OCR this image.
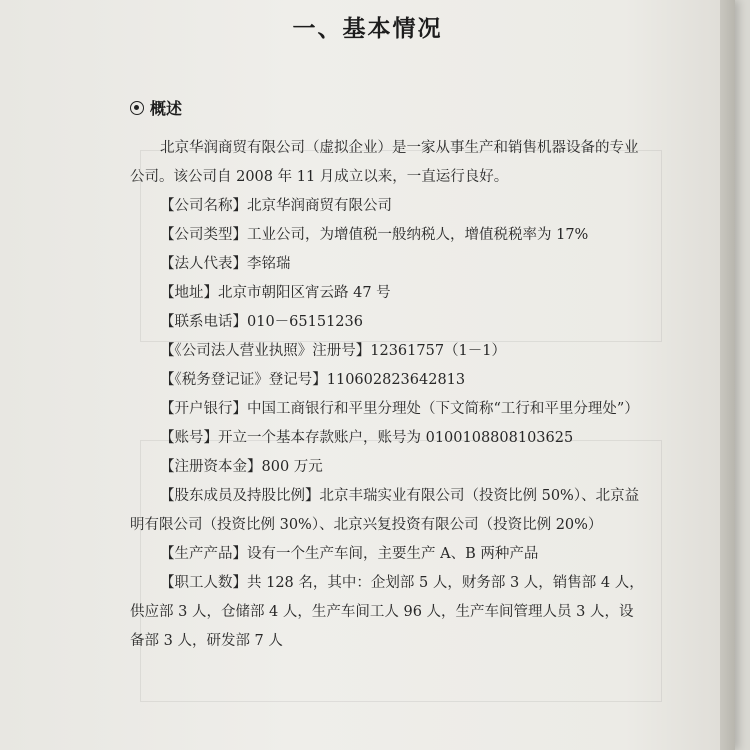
一、基本情况
概述

北京华润商贸有限公司（虚拟企业）是一家从事生产和销售机器设备的专业公司。该公司自 2008 年 11 月成立以来，一直运行良好。

【公司名称】北京华润商贸有限公司

【公司类型】工业公司，为增值税一般纳税人，增值税税率为 17%

【法人代表】李铭瑞

【地址】北京市朝阳区宵云路 47 号

【联系电话】010－65151236

【《公司法人营业执照》注册号】12361757（1－1）

【《税务登记证》登记号】110602823642813

【开户银行】中国工商银行和平里分理处（下文简称“工行和平里分理处”）

【账号】开立一个基本存款账户，账号为 0100108808103625

【注册资本金】800 万元

【股东成员及持股比例】北京丰瑞实业有限公司（投资比例 50%）、北京益明有限公司（投资比例 30%）、北京兴复投资有限公司（投资比例 20%）

【生产产品】设有一个生产车间，主要生产 A、B 两种产品

【职工人数】共 128 名，其中：企划部 5 人，财务部 3 人，销售部 4 人，供应部 3 人，仓储部 4 人，生产车间工人 96 人，生产车间管理人员 3 人，设备部 3 人，研发部 7 人
